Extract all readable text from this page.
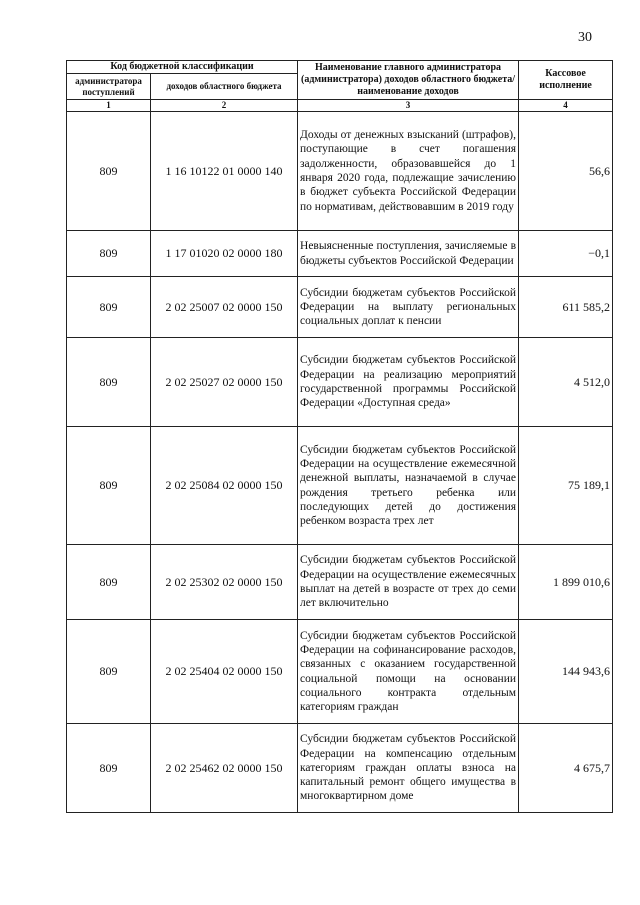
30
Код бюджетной классификации		Наименование главного администратора (администратора) доходов областного бюджета/ наименование доходов	Кассовое исполнение
администратора поступлений	доходов областного бюджета		
1	2	3	4
809	1 16 10122 01 0000 140	Доходы от денежных взысканий (штрафов), поступающие в счет погашения задолженности, образовавшейся до 1 января 2020 года, подлежащие зачислению в бюджет субъекта Российской Федерации по нормативам, действовавшим в 2019 году	56,6
809	1 17 01020 02 0000 180	Невыясненные поступления, зачисляемые в бюджеты субъектов Российской Федерации	−0,1
809	2 02 25007 02 0000 150	Субсидии бюджетам субъектов Российской Федерации на выплату региональных социальных доплат к пенсии	611 585,2
809	2 02 25027 02 0000 150	Субсидии бюджетам субъектов Российской Федерации на реализацию мероприятий государственной программы Российской Федерации «Доступная среда»	4 512,0
809	2 02 25084 02 0000 150	Субсидии бюджетам субъектов Российской Федерации на осуществление ежемесячной денежной выплаты, назначаемой в случае рождения третьего ребенка или последующих детей до достижения ребенком возраста трех лет	75 189,1
809	2 02 25302 02 0000 150	Субсидии бюджетам субъектов Российской Федерации на осуществление ежемесячных выплат на детей в возрасте от трех до семи лет включительно	1 899 010,6
809	2 02 25404 02 0000 150	Субсидии бюджетам субъектов Российской Федерации на софинансирование расходов, связанных с оказанием государственной социальной помощи на основании социального контракта отдельным категориям граждан	144 943,6
809	2 02 25462 02 0000 150	Субсидии бюджетам субъектов Российской Федерации на компенсацию отдельным категориям граждан оплаты взноса на капитальный ремонт общего имущества в многоквартирном доме	4 675,7
